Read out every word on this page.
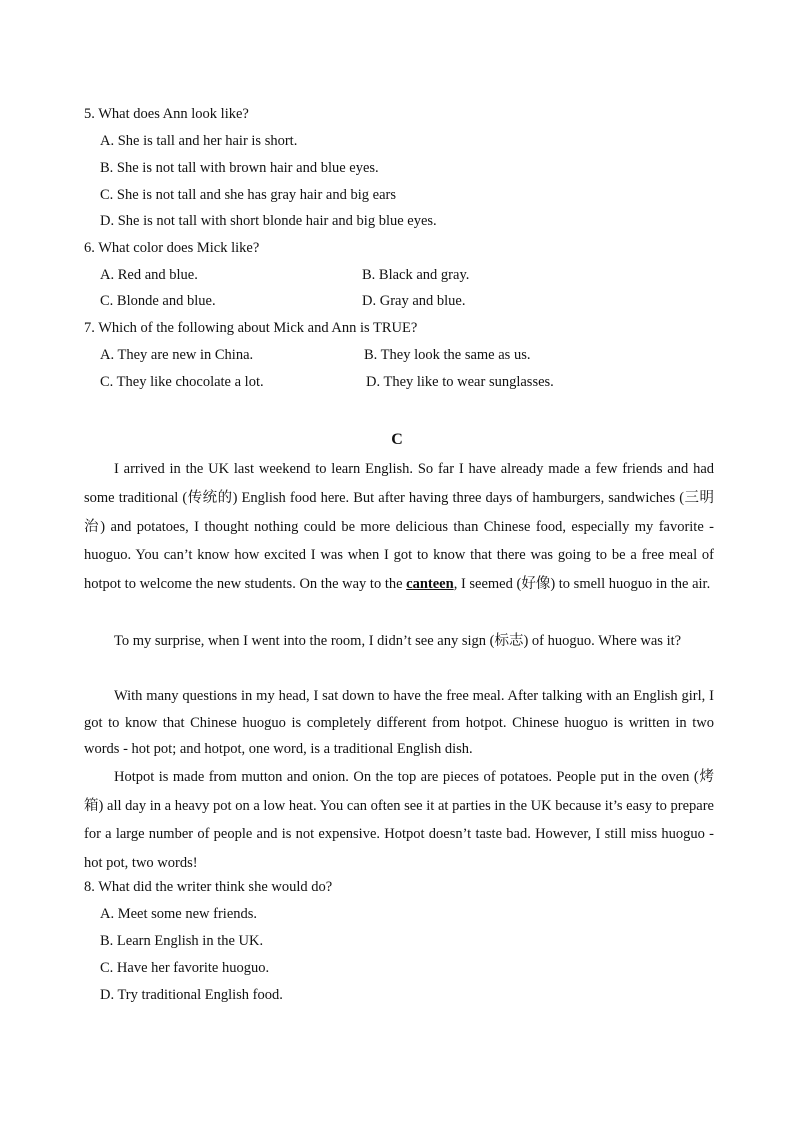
5. What does Ann look like?
A. She is tall and her hair is short.
B. She is not tall with brown hair and blue eyes.
C. She is not tall and she has gray hair and big ears
D. She is not tall with short blonde hair and big blue eyes.
6. What color does Mick like?
A. Red and blue.	B. Black and gray.
C. Blonde and blue.	D. Gray and blue.
7. Which of the following about Mick and Ann is TRUE?
A. They are new in China.	B. They look the same as us.
C. They like chocolate a lot.	D. They like to wear sunglasses.
C
I arrived in the UK last weekend to learn English. So far I have already made a few friends and had some traditional (传统的) English food here. But after having three days of hamburgers, sandwiches (三明治) and potatoes, I thought nothing could be more delicious than Chinese food, especially my favorite - huoguo. You can’t know how excited I was when I got to know that there was going to be a free meal of hotpot to welcome the new students. On the way to the canteen, I seemed (好像) to smell huoguo in the air.
To my surprise, when I went into the room, I didn’t see any sign (标志) of huoguo. Where was it?
With many questions in my head, I sat down to have the free meal. After talking with an English girl, I got to know that Chinese huoguo is completely different from hotpot. Chinese huoguo is written in two words - hot pot; and hotpot, one word, is a traditional English dish.
Hotpot is made from mutton and onion. On the top are pieces of potatoes. People put in the oven (烤箱) all day in a heavy pot on a low heat. You can often see it at parties in the UK because it’s easy to prepare for a large number of people and is not expensive. Hotpot doesn’t taste bad. However, I still miss huoguo - hot pot, two words!
8. What did the writer think she would do?
A. Meet some new friends.
B. Learn English in the UK.
C. Have her favorite huoguo.
D. Try traditional English food.
